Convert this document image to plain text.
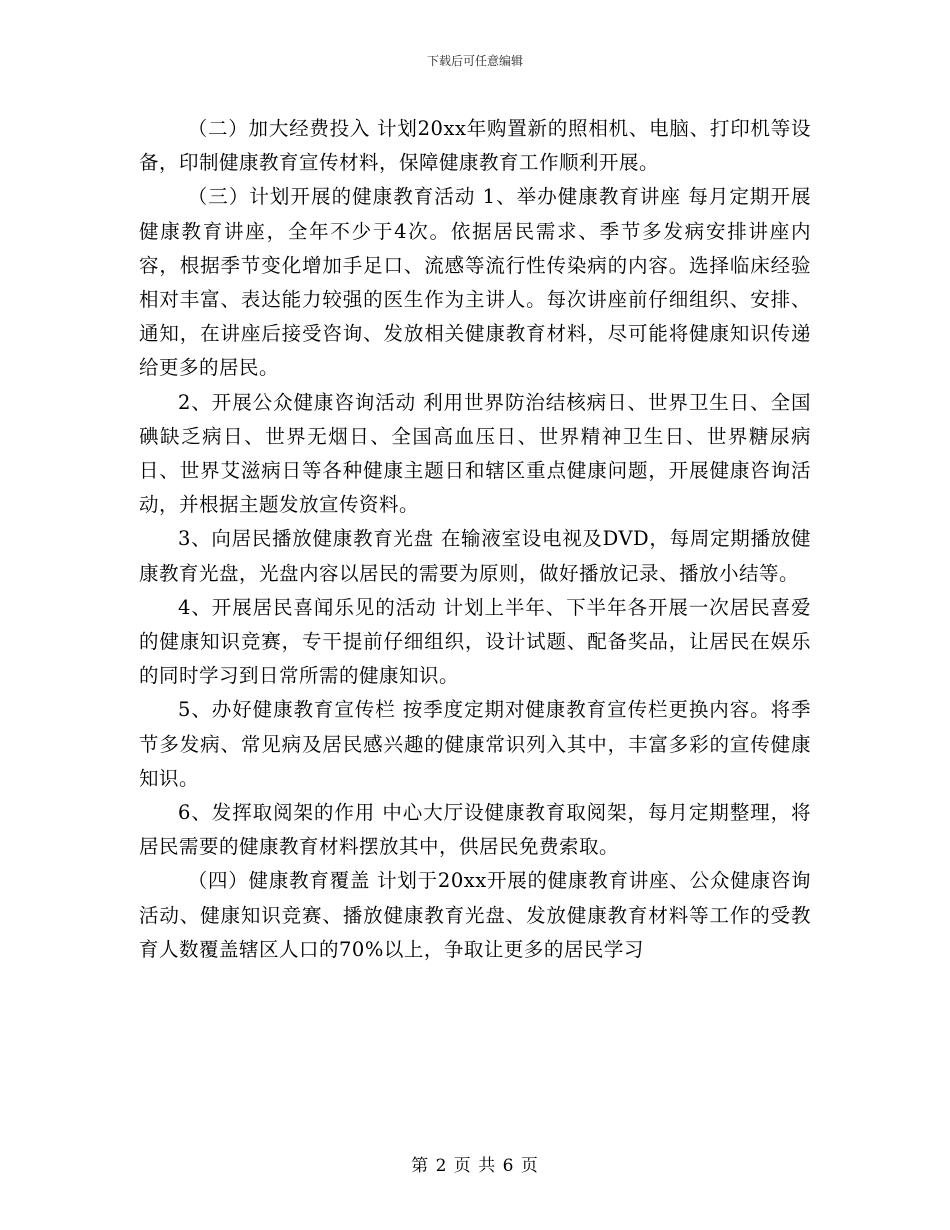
下载后可任意编辑

（二）加大经费投入 计划20xx年购置新的照相机、电脑、打印机等设备，印制健康教育宣传材料，保障健康教育工作顺利开展。

（三）计划开展的健康教育活动 1、举办健康教育讲座 每月定期开展健康教育讲座，全年不少于4次。依据居民需求、季节多发病安排讲座内容，根据季节变化增加手足口、流感等流行性传染病的内容。选择临床经验相对丰富、表达能力较强的医生作为主讲人。每次讲座前仔细组织、安排、通知，在讲座后接受咨询、发放相关健康教育材料，尽可能将健康知识传递给更多的居民。

2、开展公众健康咨询活动 利用世界防治结核病日、世界卫生日、全国碘缺乏病日、世界无烟日、全国高血压日、世界精神卫生日、世界糖尿病日、世界艾滋病日等各种健康主题日和辖区重点健康问题，开展健康咨询活动，并根据主题发放宣传资料。

3、向居民播放健康教育光盘 在输液室设电视及DVD，每周定期播放健康教育光盘，光盘内容以居民的需要为原则，做好播放记录、播放小结等。

4、开展居民喜闻乐见的活动 计划上半年、下半年各开展一次居民喜爱的健康知识竞赛，专干提前仔细组织，设计试题、配备奖品，让居民在娱乐的同时学习到日常所需的健康知识。

5、办好健康教育宣传栏 按季度定期对健康教育宣传栏更换内容。将季节多发病、常见病及居民感兴趣的健康常识列入其中，丰富多彩的宣传健康知识。

6、发挥取阅架的作用 中心大厅设健康教育取阅架，每月定期整理，将居民需要的健康教育材料摆放其中，供居民免费索取。

（四）健康教育覆盖 计划于20xx开展的健康教育讲座、公众健康咨询活动、健康知识竞赛、播放健康教育光盘、发放健康教育材料等工作的受教育人数覆盖辖区人口的70%以上，争取让更多的居民学习

第 2 页 共 6 页
